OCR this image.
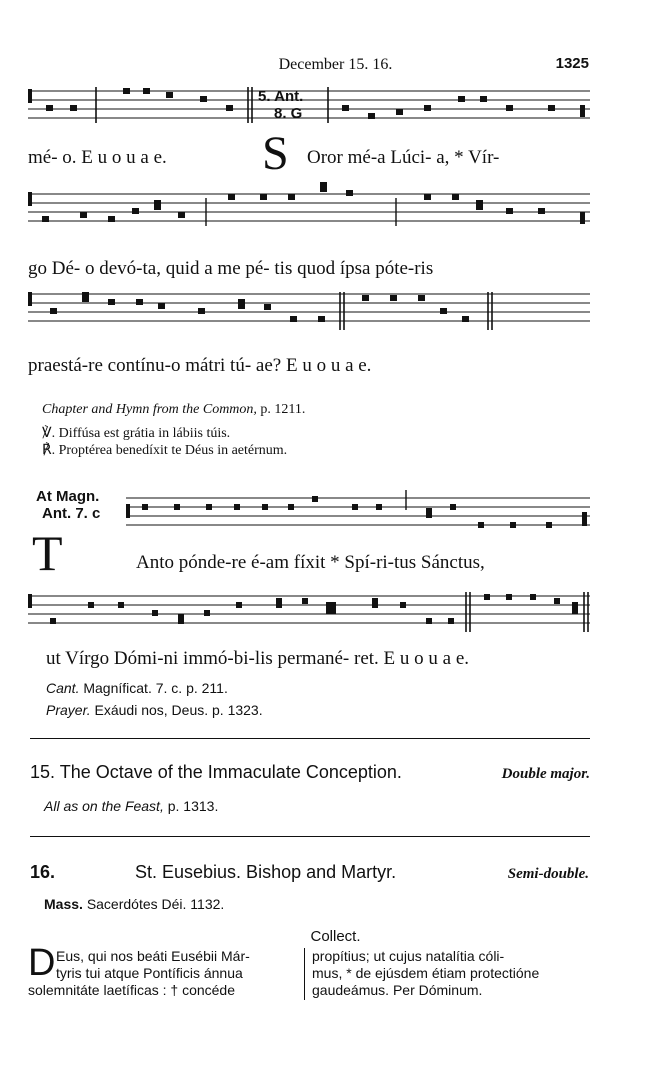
December 15. 16.	1325
5. Ant.
8. G
mé- o. E u o u a e. S Oror mé-a Lúci- a, * Vír-
go Dé- o devó-ta, quid a me pé- tis quod ípsa póte-ris
praestá-re contínu-o mátri tú- ae? E u o u a e.
Chapter and Hymn from the Common, p. 1211.
℣. Diffúsa est grátia in lábiis túis.
℟. Proptérea benedíxit te Déus in aetérnum.
At Magn.
Ant. 7. c
T	Anto pónde-re é-am fíxit * Spí-ri-tus Sánctus,
ut Vírgo Dómi-ni immó-bi-lis permané- ret. E u o u a e.
Cant. Magníficat. 7. c. p. 211.
Prayer. Exáudi nos, Deus. p. 1323.
15. The Octave of the Immaculate Conception.	Double major.
All as on the Feast, p. 1313.
16.	St. Eusebius. Bishop and Martyr.	Semi-double.
Mass. Sacerdótes Déi. 1132.
Collect.
D Eus, qui nos beáti Eusébii Már-
tyris tui atque Pontíficis ánnua
solemnitáte laetíficas : † concéde
propítius; ut cujus natalítia cóli-
mus, * de ejúsdem étiam protectióne
gaudeámus. Per Dóminum.
